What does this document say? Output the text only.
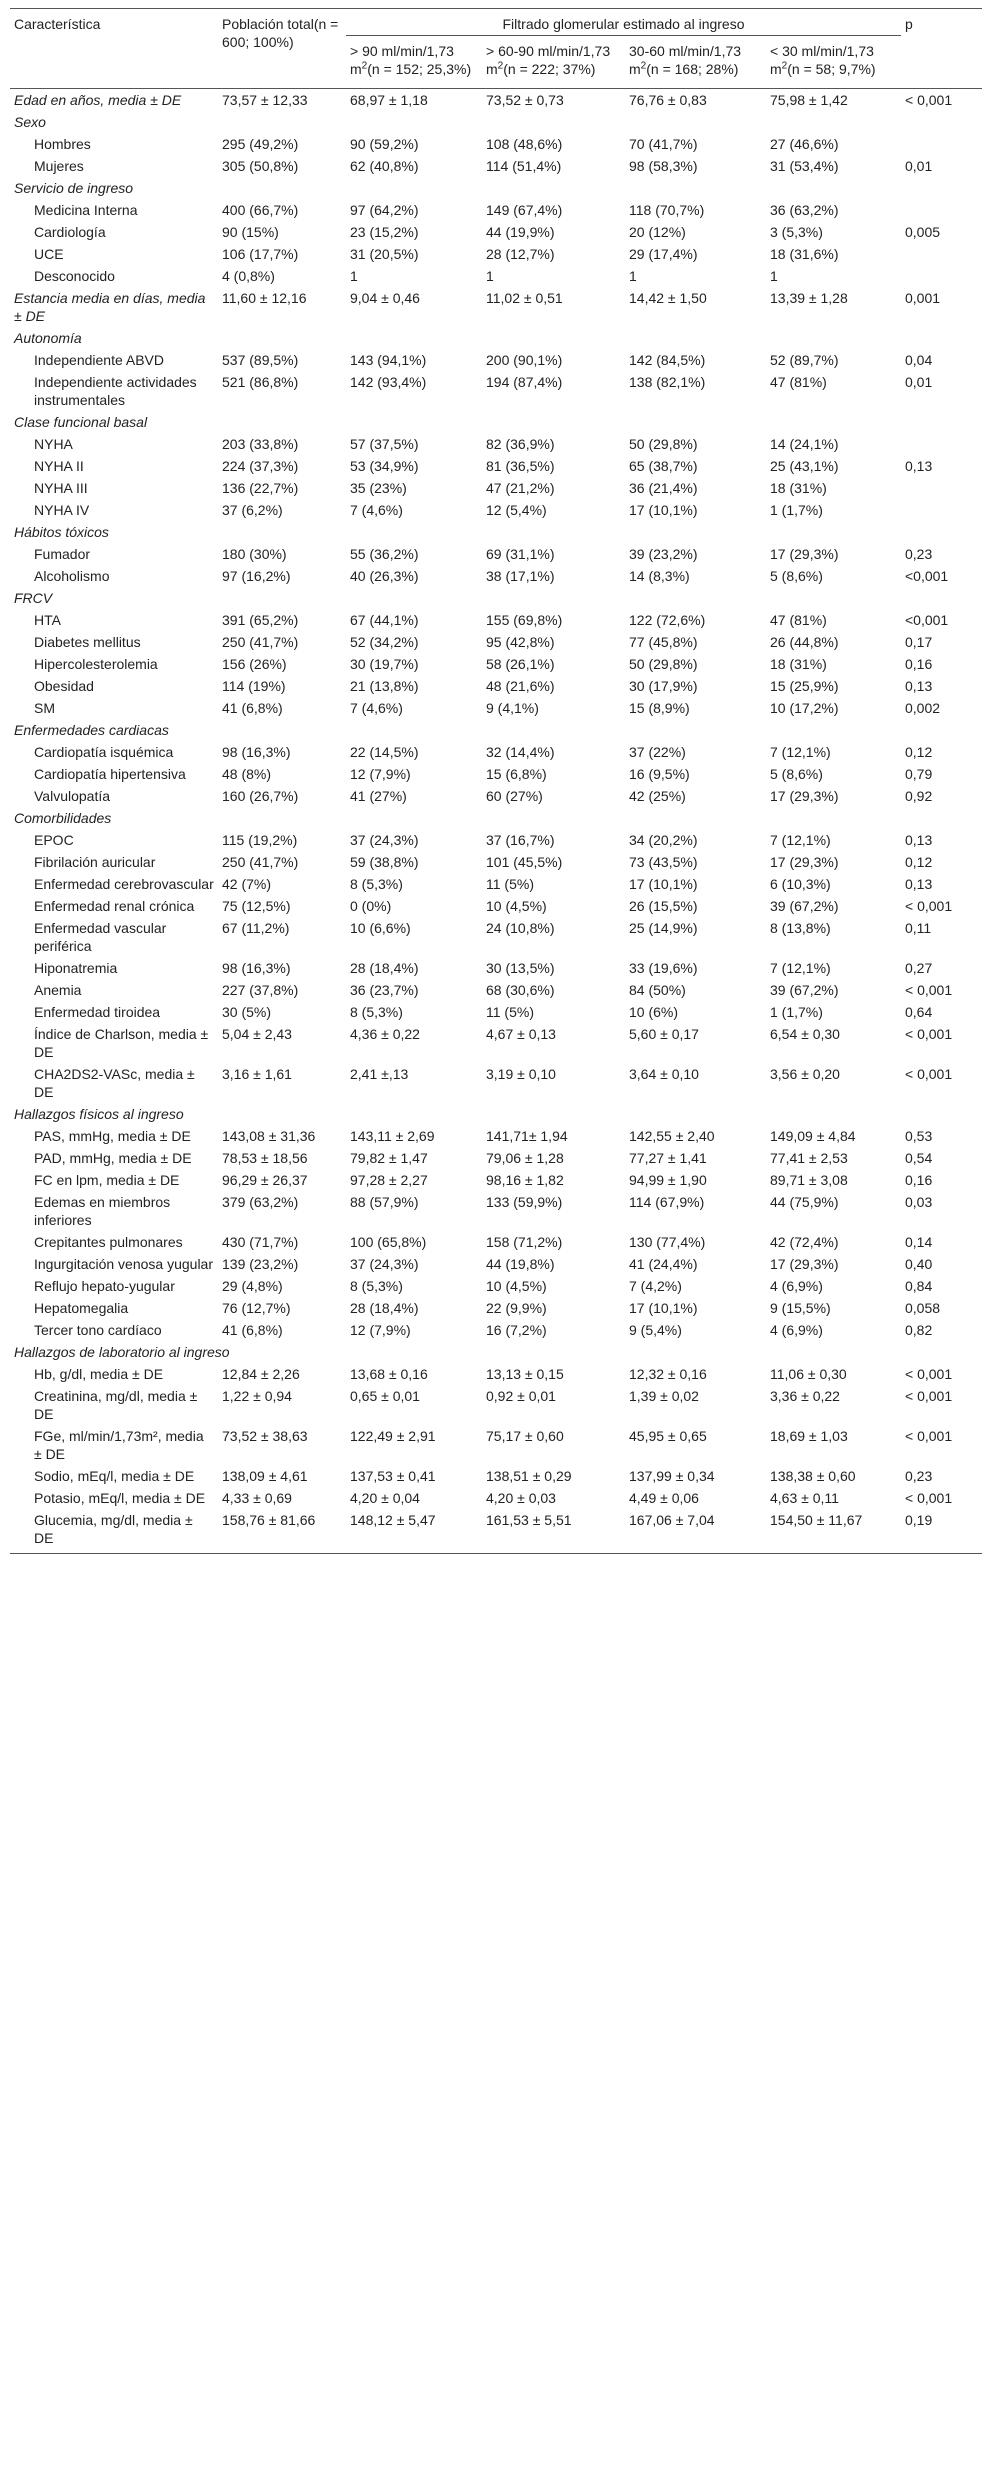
Característica	Población total(n = 600; 100%)	Filtrado glomerular estimado al ingreso				p
		> 90 ml/min/1,73 $m^2(n = 152$; 25,3%)	> 60-90 ml/min/1,73 $m^2(n = 222$; 37%)	30-60 ml/min/1,73 $m^2(n = 168$; 28%)	< 30 ml/min/1,73 $m^2(n = 58$; 9,7%)	
Edad en años, media ± DE	73,57 ± 12,33	68,97 ± 1,18	73,52 ± 0,73	76,76 ± 0,83	75,98 ± 1,42	< 0,001
Sexo						
Hombres	295 (49,2%)	90 (59,2%)	108 (48,6%)	70 (41,7%)	27 (46,6%)	
Mujeres	305 (50,8%)	62 (40,8%)	114 (51,4%)	98 (58,3%)	31 (53,4%)	0,01
Servicio de ingreso						
Medicina Interna	400 (66,7%)	97 (64,2%)	149 (67,4%)	118 (70,7%)	36 (63,2%)	
Cardiología	90 (15%)	23 (15,2%)	44 (19,9%)	20 (12%)	3 (5,3%)	0,005
UCE	106 (17,7%)	31 (20,5%)	28 (12,7%)	29 (17,4%)	18 (31,6%)	
Desconocido	4 (0,8%)	1	1	1	1	
Estancia media en días, media ± DE	11,60 ± 12,16	9,04 ± 0,46	11,02 ± 0,51	14,42 ± 1,50	13,39 ± 1,28	0,001
Autonomía						
Independiente ABVD	537 (89,5%)	143 (94,1%)	200 (90,1%)	142 (84,5%)	52 (89,7%)	0,04
Independiente actividades instrumentales	521 (86,8%)	142 (93,4%)	194 (87,4%)	138 (82,1%)	47 (81%)	0,01
Clase funcional basal						
NYHA	203 (33,8%)	57 (37,5%)	82 (36,9%)	50 (29,8%)	14 (24,1%)	
NYHA II	224 (37,3%)	53 (34,9%)	81 (36,5%)	65 (38,7%)	25 (43,1%)	0,13
NYHA III	136 (22,7%)	35 (23%)	47 (21,2%)	36 (21,4%)	18 (31%)	
NYHA IV	37 (6,2%)	7 (4,6%)	12 (5,4%)	17 (10,1%)	1 (1,7%)	
Hábitos tóxicos						
Fumador	180 (30%)	55 (36,2%)	69 (31,1%)	39 (23,2%)	17 (29,3%)	0,23
Alcoholismo	97 (16,2%)	40 (26,3%)	38 (17,1%)	14 (8,3%)	5 (8,6%)	<0,001
FRCV						
HTA	391 (65,2%)	67 (44,1%)	155 (69,8%)	122 (72,6%)	47 (81%)	<0,001
Diabetes mellitus	250 (41,7%)	52 (34,2%)	95 (42,8%)	77 (45,8%)	26 (44,8%)	0,17
Hipercolesterolemia	156 (26%)	30 (19,7%)	58 (26,1%)	50 (29,8%)	18 (31%)	0,16
Obesidad	114 (19%)	21 (13,8%)	48 (21,6%)	30 (17,9%)	15 (25,9%)	0,13
SM	41 (6,8%)	7 (4,6%)	9 (4,1%)	15 (8,9%)	10 (17,2%)	0,002
Enfermedades cardiacas						
Cardiopatía isquémica	98 (16,3%)	22 (14,5%)	32 (14,4%)	37 (22%)	7 (12,1%)	0,12
Cardiopatía hipertensiva	48 (8%)	12 (7,9%)	15 (6,8%)	16 (9,5%)	5 (8,6%)	0,79
Valvulopatía	160 (26,7%)	41 (27%)	60 (27%)	42 (25%)	17 (29,3%)	0,92
Comorbilidades						
EPOC	115 (19,2%)	37 (24,3%)	37 (16,7%)	34 (20,2%)	7 (12,1%)	0,13
Fibrilación auricular	250 (41,7%)	59 (38,8%)	101 (45,5%)	73 (43,5%)	17 (29,3%)	0,12
Enfermedad cerebrovascular	42 (7%)	8 (5,3%)	11 (5%)	17 (10,1%)	6 (10,3%)	0,13
Enfermedad renal crónica	75 (12,5%)	0 (0%)	10 (4,5%)	26 (15,5%)	39 (67,2%)	< 0,001
Enfermedad vascular periférica	67 (11,2%)	10 (6,6%)	24 (10,8%)	25 (14,9%)	8 (13,8%)	0,11
Hiponatremia	98 (16,3%)	28 (18,4%)	30 (13,5%)	33 (19,6%)	7 (12,1%)	0,27
Anemia	227 (37,8%)	36 (23,7%)	68 (30,6%)	84 (50%)	39 (67,2%)	< 0,001
Enfermedad tiroidea	30 (5%)	8 (5,3%)	11 (5%)	10 (6%)	1 (1,7%)	0,64
Índice de Charlson, media ± DE	5,04 ± 2,43	4,36 ± 0,22	4,67 ± 0,13	5,60 ± 0,17	6,54 ± 0,30	< 0,001
CHA2DS2-VASc, media ± DE	3,16 ± 1,61	2,41 ±,13	3,19 ± 0,10	3,64 ± 0,10	3,56 ± 0,20	< 0,001
Hallazgos físicos al ingreso						
PAS, mmHg, media ± DE	143,08 ± 31,36	143,11 ± 2,69	141,71± 1,94	142,55 ± 2,40	149,09 ± 4,84	0,53
PAD, mmHg, media ± DE	78,53 ± 18,56	79,82 ± 1,47	79,06 ± 1,28	77,27 ± 1,41	77,41 ± 2,53	0,54
FC en lpm, media ± DE	96,29 ± 26,37	97,28 ± 2,27	98,16 ± 1,82	94,99 ± 1,90	89,71 ± 3,08	0,16
Edemas en miembros inferiores	379 (63,2%)	88 (57,9%)	133 (59,9%)	114 (67,9%)	44 (75,9%)	0,03
Crepitantes pulmonares	430 (71,7%)	100 (65,8%)	158 (71,2%)	130 (77,4%)	42 (72,4%)	0,14
Ingurgitación venosa yugular	139 (23,2%)	37 (24,3%)	44 (19,8%)	41 (24,4%)	17 (29,3%)	0,40
Reflujo hepato-yugular	29 (4,8%)	8 (5,3%)	10 (4,5%)	7 (4,2%)	4 (6,9%)	0,84
Hepatomegalia	76 (12,7%)	28 (18,4%)	22 (9,9%)	17 (10,1%)	9 (15,5%)	0,058
Tercer tono cardíaco	41 (6,8%)	12 (7,9%)	16 (7,2%)	9 (5,4%)	4 (6,9%)	0,82
Hallazgos de laboratorio al ingreso						
Hb, g/dl, media ± DE	12,84 ± 2,26	13,68 ± 0,16	13,13 ± 0,15	12,32 ± 0,16	11,06 ± 0,30	< 0,001
Creatinina, mg/dl, media ± DE	1,22 ± 0,94	0,65 ± 0,01	0,92 ± 0,01	1,39 ± 0,02	3,36 ± 0,22	< 0,001
FGe, ml/min/1,73m², media ± DE	73,52 ± 38,63	122,49 ± 2,91	75,17 ± 0,60	45,95 ± 0,65	18,69 ± 1,03	< 0,001
Sodio, mEq/l, media ± DE	138,09 ± 4,61	137,53 ± 0,41	138,51 ± 0,29	137,99 ± 0,34	138,38 ± 0,60	0,23
Potasio, mEq/l, media ± DE	4,33 ± 0,69	4,20 ± 0,04	4,20 ± 0,03	4,49 ± 0,06	4,63 ± 0,11	< 0,001
Glucemia, mg/dl, media ± DE	158,76 ± 81,66	148,12 ± 5,47	161,53 ± 5,51	167,06 ± 7,04	154,50 ± 11,67	0,19
